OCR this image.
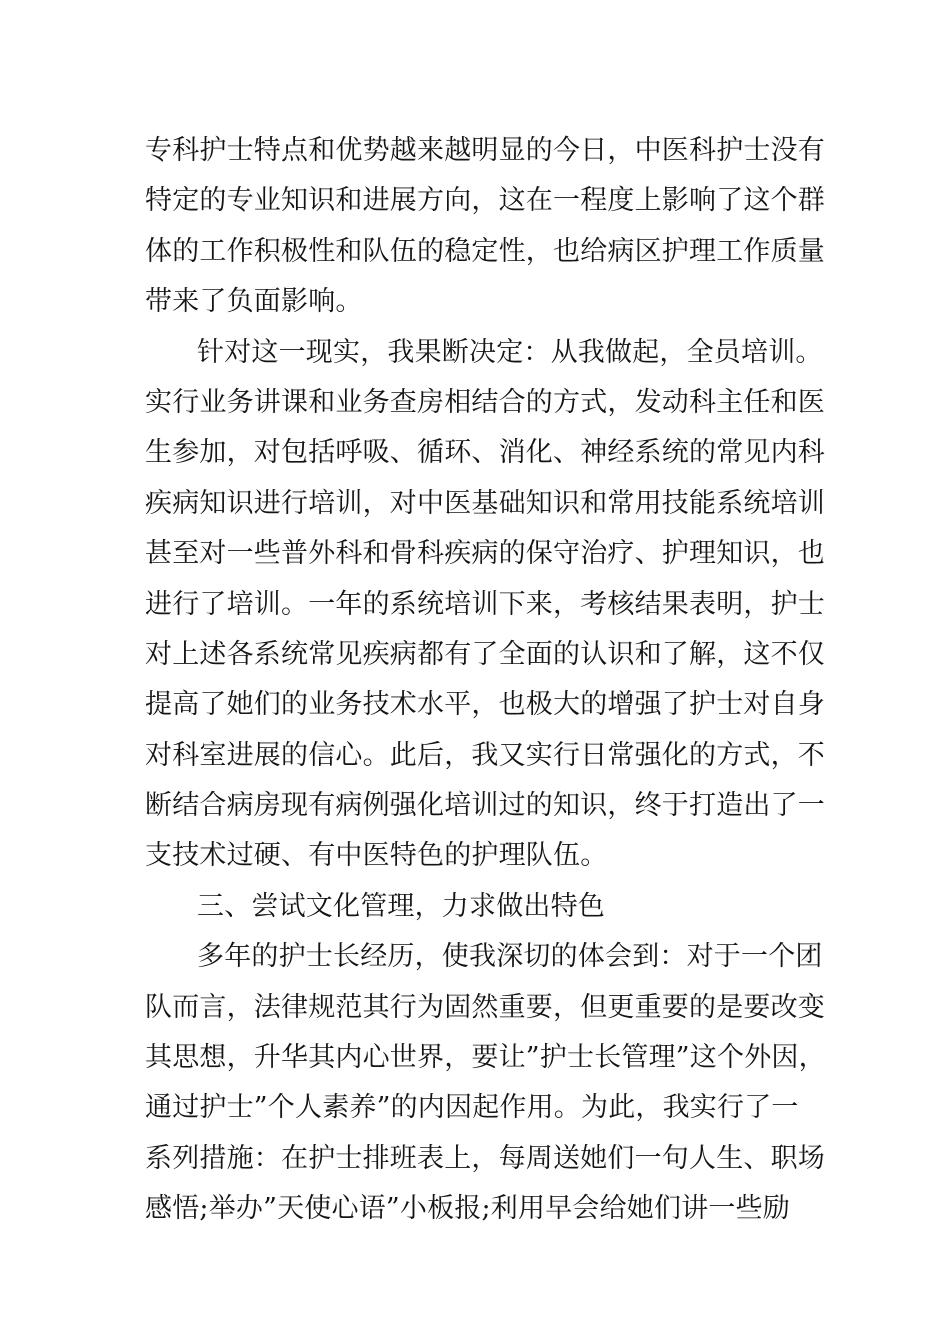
专科护士特点和优势越来越明显的今日，中医科护士没有
特定的专业知识和进展方向，这在一程度上影响了这个群
体的工作积极性和队伍的稳定性，也给病区护理工作质量
带来了负面影响。
针对这一现实，我果断决定：从我做起，全员培训。
实行业务讲课和业务查房相结合的方式，发动科主任和医
生参加，对包括呼吸、循环、消化、神经系统的常见内科
疾病知识进行培训，对中医基础知识和常用技能系统培训
甚至对一些普外科和骨科疾病的保守治疗、护理知识，也
进行了培训。一年的系统培训下来，考核结果表明，护士
对上述各系统常见疾病都有了全面的认识和了解，这不仅
提高了她们的业务技术水平，也极大的增强了护士对自身
对科室进展的信心。此后，我又实行日常强化的方式，不
断结合病房现有病例强化培训过的知识，终于打造出了一
支技术过硬、有中医特色的护理队伍。
三、尝试文化管理，力求做出特色
多年的护士长经历，使我深切的体会到：对于一个团
队而言，法律规范其行为固然重要，但更重要的是要改变
其思想，升华其内心世界，要让”护士长管理”这个外因，
通过护士”个人素养”的内因起作用。为此，我实行了一
系列措施：在护士排班表上，每周送她们一句人生、职场
感悟;举办”天使心语”小板报;利用早会给她们讲一些励
